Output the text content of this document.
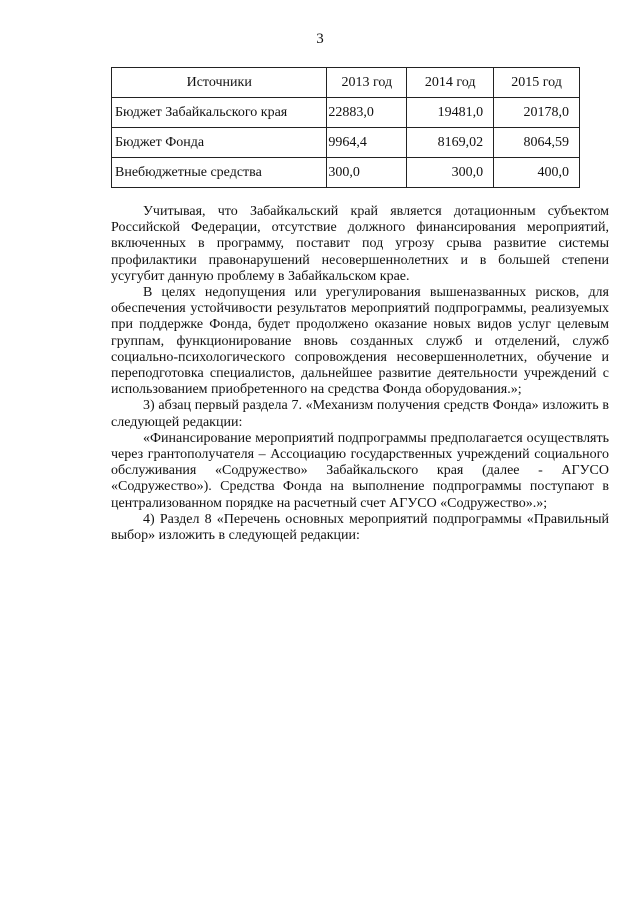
3
Источники	2013 год	2014 год	2015 год
Бюджет Забайкальского края	22883,0	19481,0	20178,0
Бюджет Фонда	9964,4	8169,02	8064,59
Внебюджетные средства	300,0	300,0	400,0

Учитывая, что Забайкальский край является дотационным субъектом Российской Федерации, отсутствие должного финансирования мероприятий, включенных в программу, поставит под угрозу срыва развитие системы профилактики правонарушений несовершеннолетних и в большей степени усугубит данную проблему в Забайкальском крае.

В целях недопущения или урегулирования вышеназванных рисков, для обеспечения устойчивости результатов мероприятий подпрограммы, реализуемых при поддержке Фонда, будет продолжено оказание новых видов услуг целевым группам, функционирование вновь созданных служб и отделений, служб социально-психологического сопровождения несовершеннолетних, обучение и переподготовка специалистов, дальнейшее развитие деятельности учреждений с использованием приобретенного на средства Фонда оборудования.»;

3) абзац первый раздела 7. «Механизм получения средств Фонда» изложить в следующей редакции:

«Финансирование мероприятий подпрограммы предполагается осуществлять через грантополучателя – Ассоциацию государственных учреждений социального обслуживания «Содружество» Забайкальского края (далее - АГУСО «Содружество»). Средства Фонда на выполнение подпрограммы поступают в централизованном порядке на расчетный счет АГУСО «Содружество».»;

4) Раздел 8 «Перечень основных мероприятий подпрограммы «Правильный выбор» изложить в следующей редакции:
